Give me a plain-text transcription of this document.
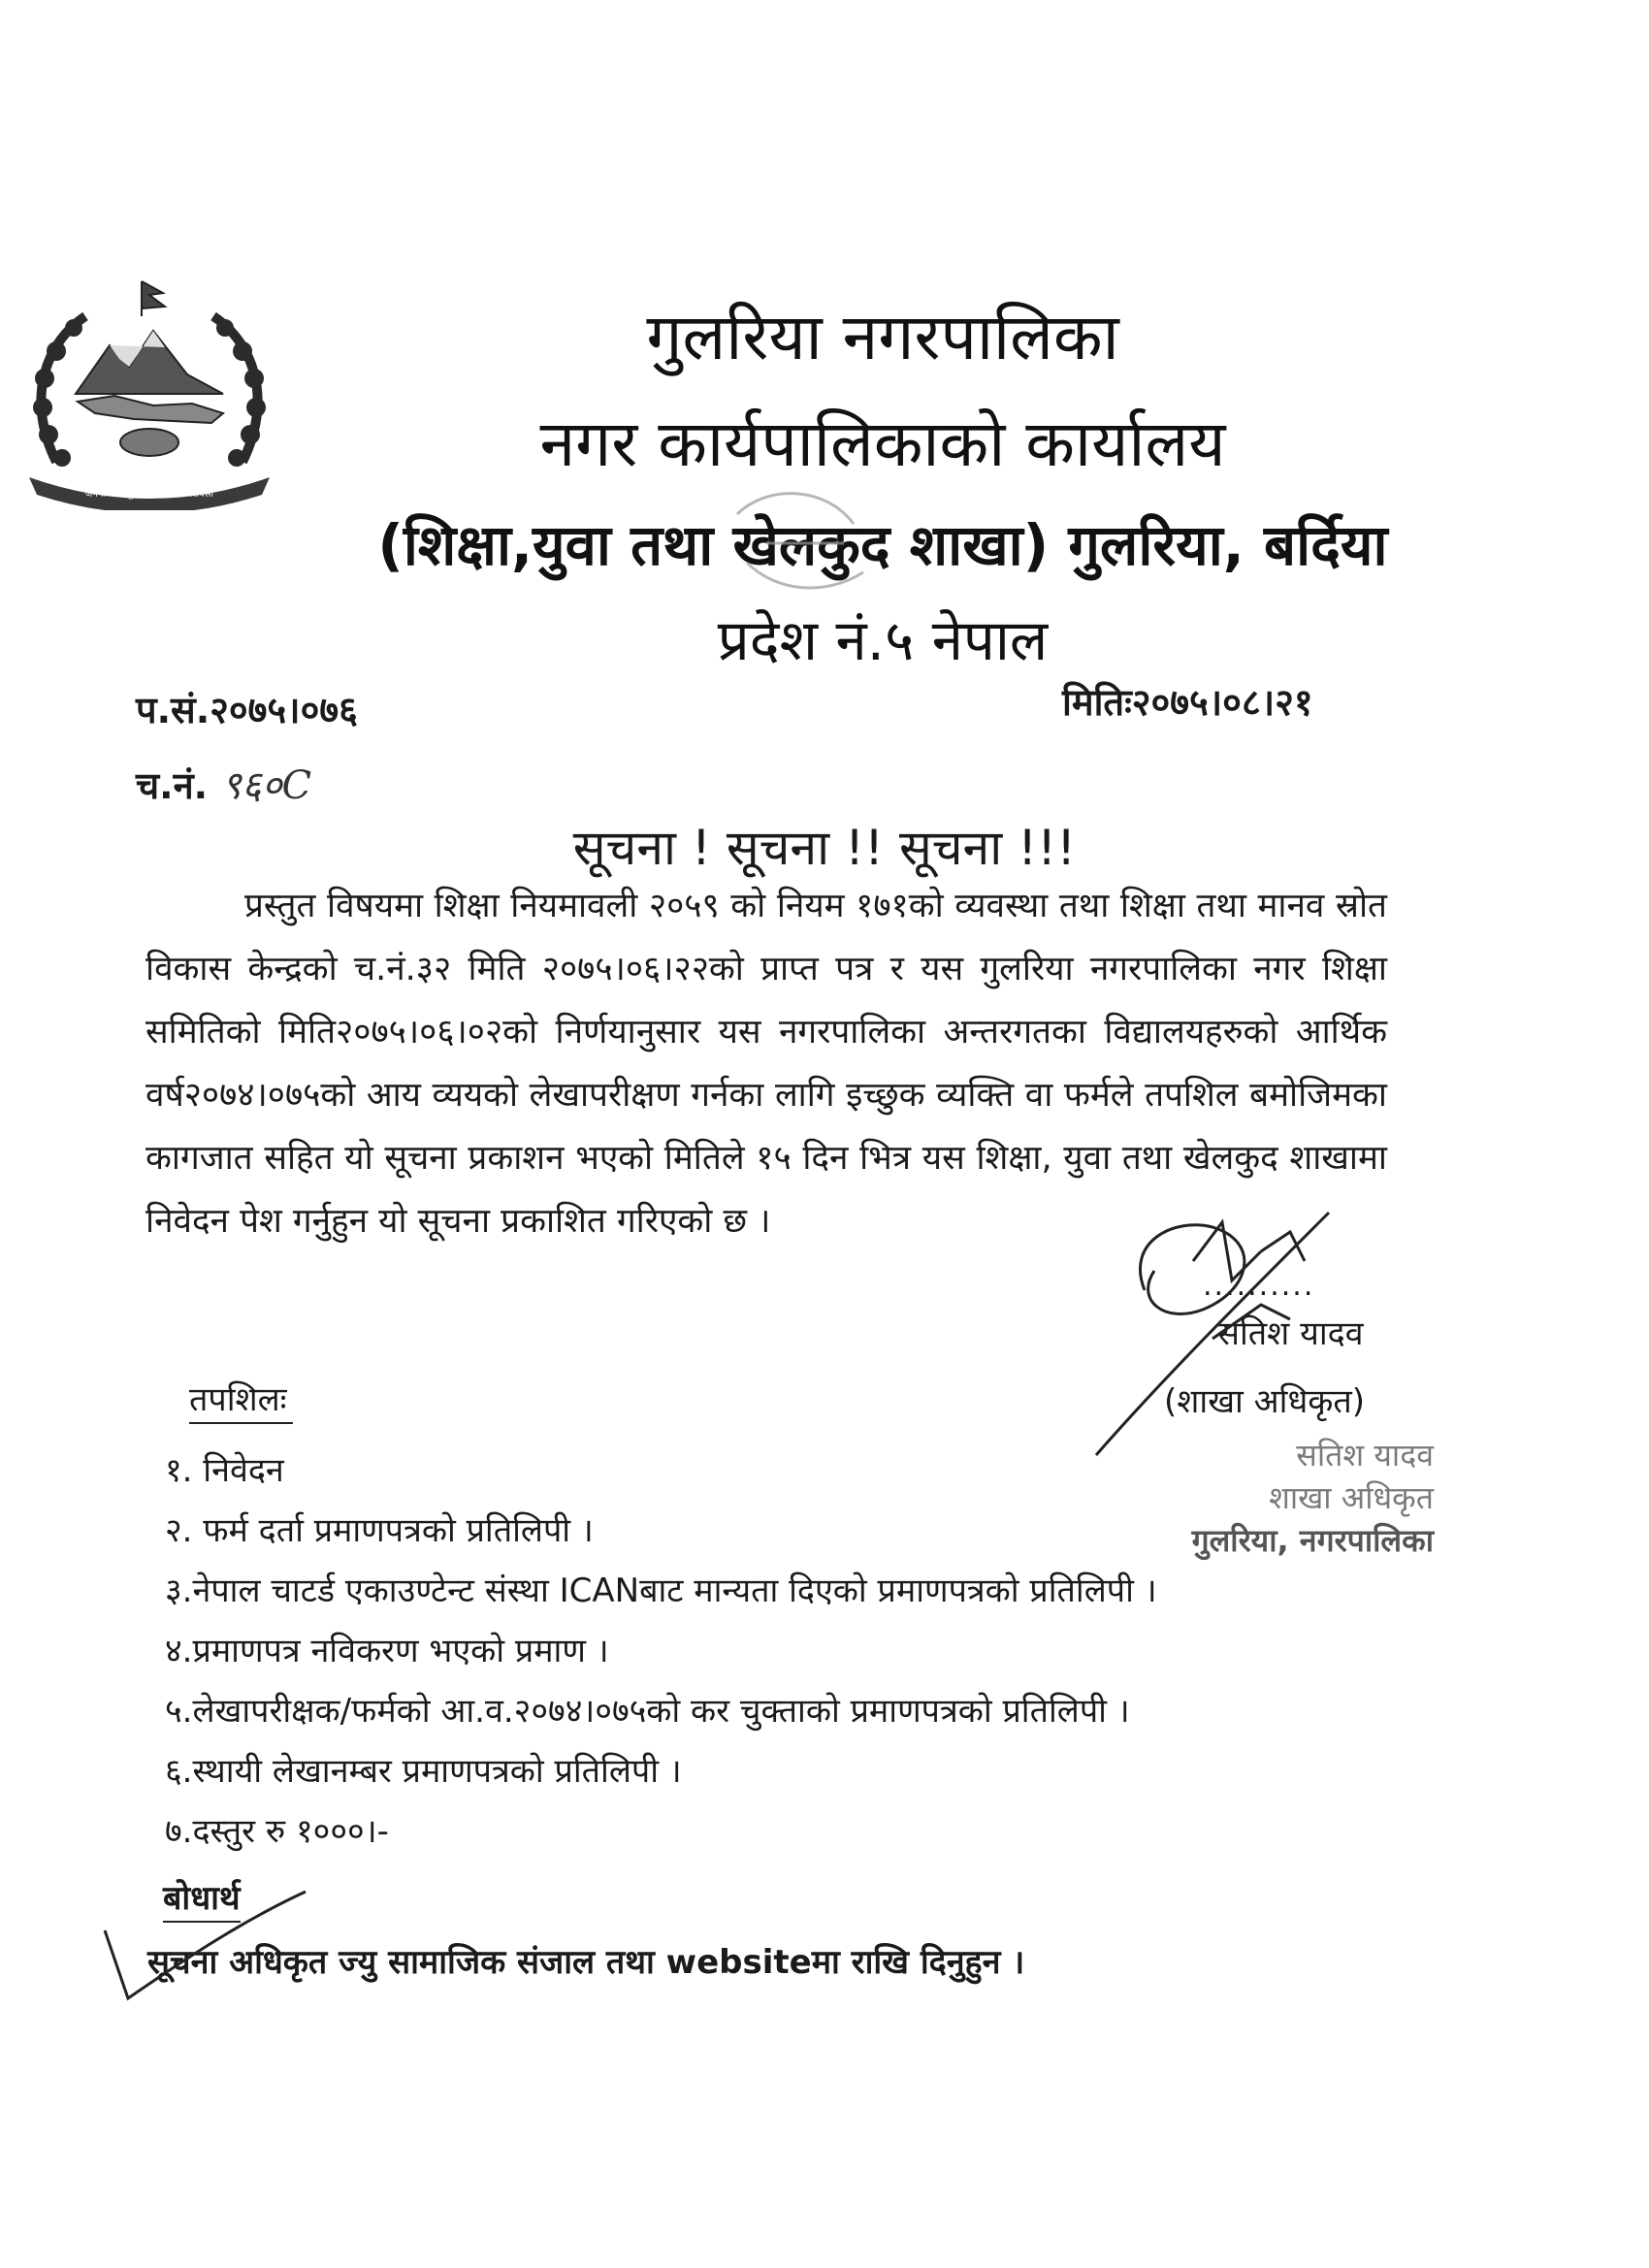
जननी जन्मभूमिश्च स्वर्गादपि गरीयसी
गुलरिया नगरपालिका
नगर कार्यपालिकाको कार्यालय
(शिक्षा,युवा तथा खेलकुद शाखा) गुलरिया, बर्दिया
प्रदेश नं.५ नेपाल
प.सं.२०७५।०७६	मितिः२०७५।०८।२१
च.नं. ९६०C
सूचना ! सूचना !! सूचना !!!
प्रस्तुत विषयमा शिक्षा नियमावली २०५९ को नियम १७१को व्यवस्था तथा शिक्षा तथा मानव स्रोत विकास केन्द्रको च.नं.३२ मिति २०७५।०६।२२को प्राप्त पत्र र यस गुलरिया नगरपालिका नगर शिक्षा समितिको मिति२०७५।०६।०२को निर्णयानुसार यस नगरपालिका अन्तरगतका विद्यालयहरुको आर्थिक वर्ष२०७४।०७५को आय व्ययको लेखापरीक्षण गर्नका लागि इच्छुक व्यक्ति वा फर्मले तपशिल बमोजिमका कागजात सहित यो सूचना प्रकाशन भएको मितिले १५ दिन भित्र यस शिक्षा, युवा तथा खेलकुद शाखामा निवेदन पेश गर्नुहुन यो सूचना प्रकाशित गरिएको छ ।
..........
सतिश यादव
(शाखा अधिकृत)
सतिश यादव
शाखा अधिकृत
गुलरिया, नगरपालिका
तपशिलः
१. निवेदन
२. फर्म दर्ता प्रमाणपत्रको प्रतिलिपी ।
३.नेपाल चाटर्ड एकाउण्टेन्ट संस्था ICANबाट मान्यता दिएको प्रमाणपत्रको प्रतिलिपी ।
४.प्रमाणपत्र नविकरण भएको प्रमाण ।
५.लेखापरीक्षक/फर्मको आ.व.२०७४।०७५को कर चुक्ताको प्रमाणपत्रको प्रतिलिपी ।
६.स्थायी लेखानम्बर प्रमाणपत्रको प्रतिलिपी ।
७.दस्तुर रु १०००।-
बोधार्थ
सूचना अधिकृत ज्यु सामाजिक संजाल तथा websiteमा राखि दिनुहुन ।
